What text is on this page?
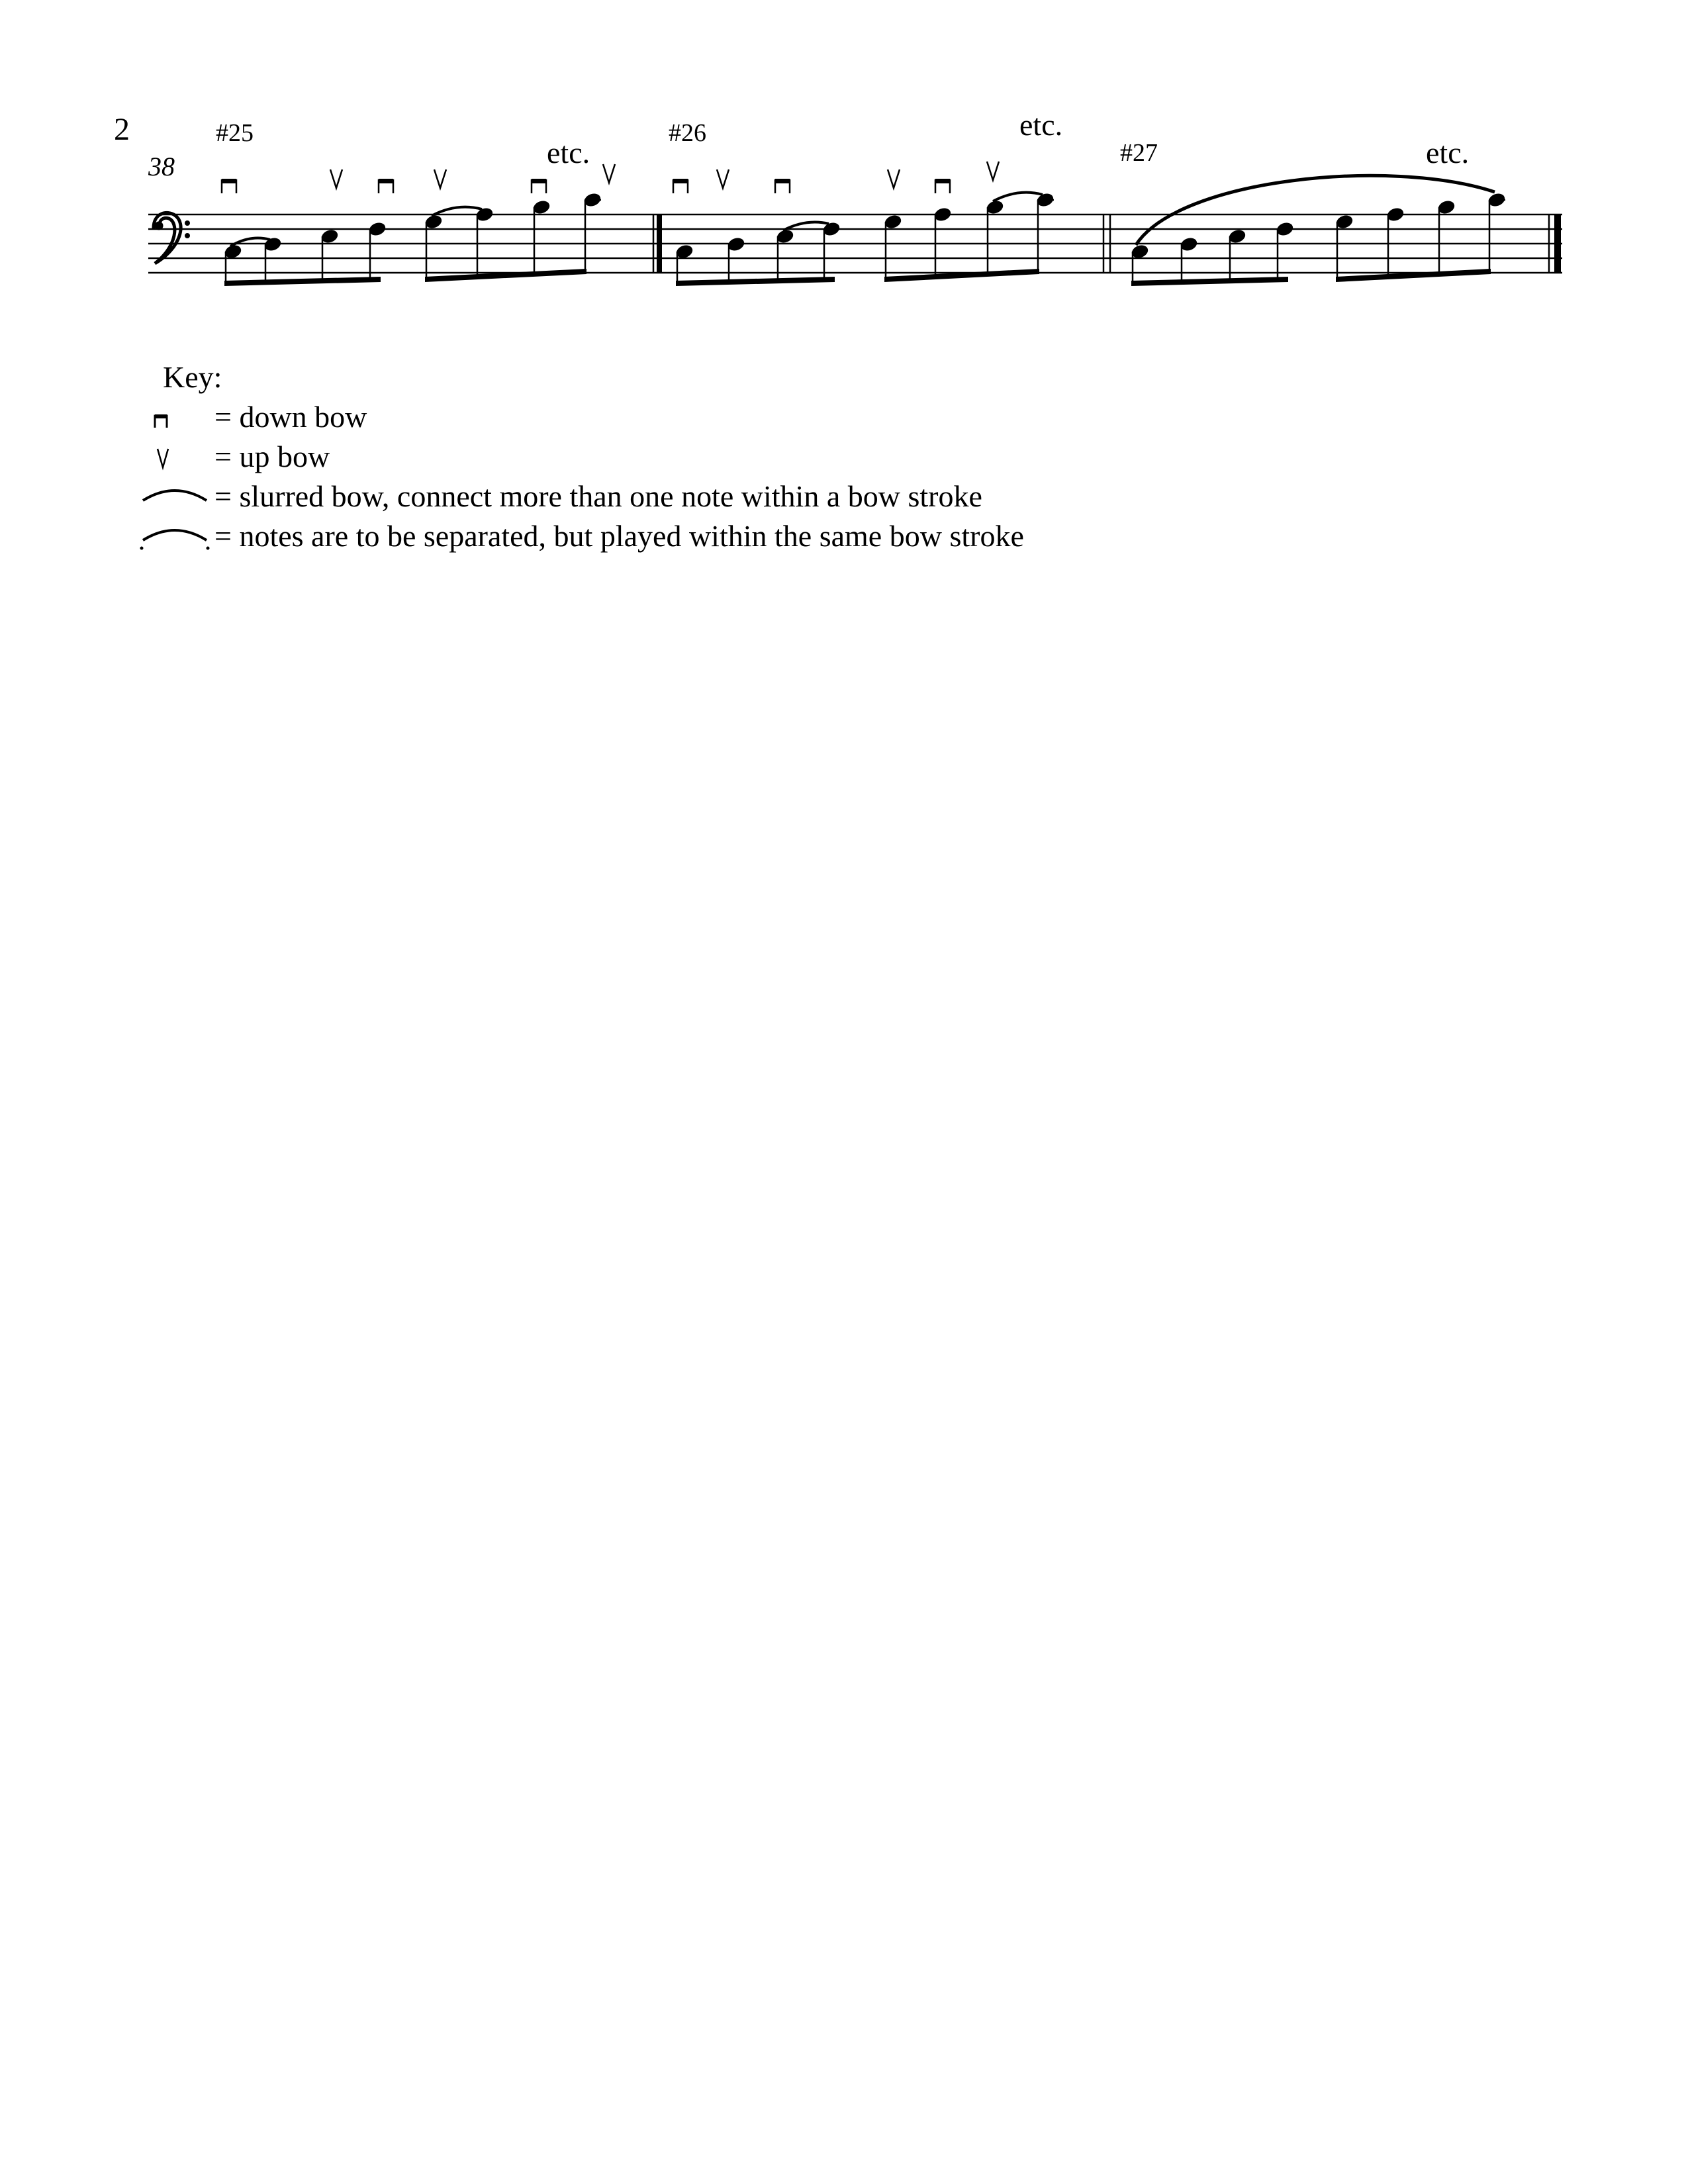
2
38
#25	#26
#27
etc.
etc.
etc.
Key:
= down bow
= up bow
= slurred bow, connect more than one note within a bow stroke
= notes are to be separated, but played within the same bow stroke
